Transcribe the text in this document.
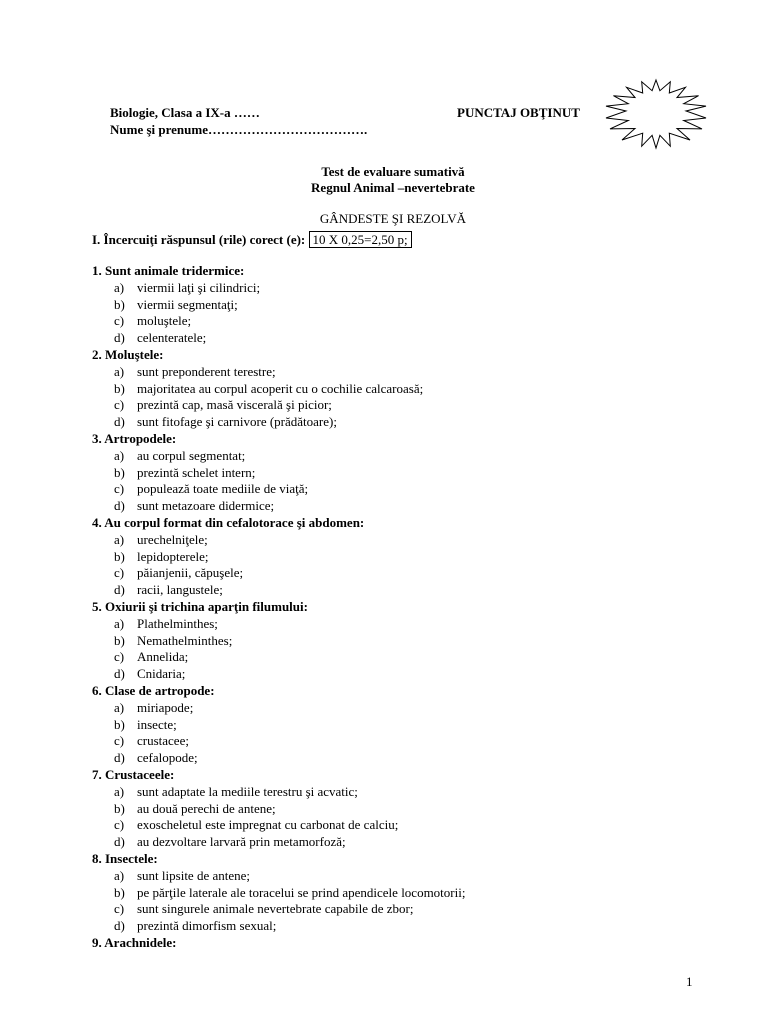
Biologie, Clasa a IX-a ……
Nume şi prenume……………………………….
PUNCTAJ OBŢINUT
Test de evaluare sumativă
Regnul Animal –nevertebrate
GÂNDESTE ŞI REZOLVĂ
I. Încercuiţi răspunsul (rile) corect (e): 10 X 0,25=2,50 p;
1. Sunt animale tridermice:
a) viermii laţi şi cilindrici;
b) viermii segmentaţi;
c) moluştele;
d) celenteratele;
2. Moluştele:
a) sunt preponderent terestre;
b) majoritatea au corpul acoperit cu o cochilie calcaroasă;
c) prezintă cap, masă viscerală şi picior;
d) sunt fitofage şi carnivore (prădătoare);
3. Artropodele:
a) au corpul segmentat;
b) prezintă schelet intern;
c) populează toate mediile de viaţă;
d) sunt metazoare didermice;
4. Au corpul format din cefalotorace şi abdomen:
a) urechelniţele;
b) lepidopterele;
c) păianjenii, căpuşele;
d) racii, langustele;
5. Oxiurii şi trichina aparţin filumului:
a) Plathelminthes;
b) Nemathelminthes;
c) Annelida;
d) Cnidaria;
6. Clase de artropode:
a) miriapode;
b) insecte;
c) crustacee;
d) cefalopode;
7. Crustaceele:
a) sunt adaptate la mediile terestru şi acvatic;
b) au două perechi de antene;
c) exoscheletul este impregnat cu carbonat de calciu;
d) au dezvoltare larvară prin metamorfoză;
8. Insectele:
a) sunt lipsite de antene;
b) pe părţile laterale ale toracelui se prind apendicele locomotorii;
c) sunt singurele animale nevertebrate capabile de zbor;
d) prezintă dimorfism sexual;
9. Arachnidele:
1
